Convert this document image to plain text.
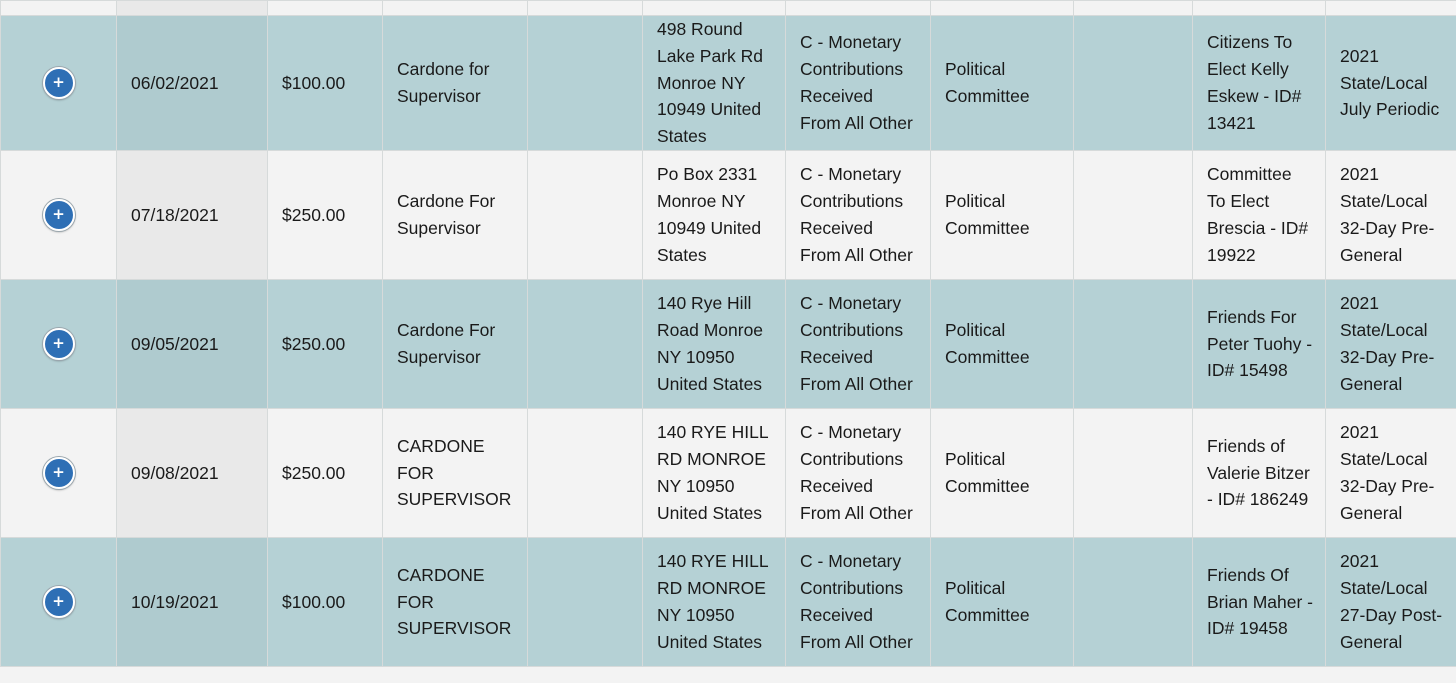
+	06/02/2021	$100.00	Cardone for Supervisor		498 Round Lake Park Rd Monroe NY 10949 United States	C - Monetary Contributions Received From All Other	Political Committee		Citizens To Elect Kelly Eskew - ID# 13421	2021 State/Local July Periodic
+	07/18/2021	$250.00	Cardone For Supervisor		Po Box 2331 Monroe NY 10949 United States	C - Monetary Contributions Received From All Other	Political Committee		Committee To Elect Brescia - ID# 19922	2021 State/Local 32-Day Pre-General
+	09/05/2021	$250.00	Cardone For Supervisor		140 Rye Hill Road Monroe NY 10950 United States	C - Monetary Contributions Received From All Other	Political Committee		Friends For Peter Tuohy - ID# 15498	2021 State/Local 32-Day Pre-General
+	09/08/2021	$250.00	CARDONE FOR SUPERVISOR		140 RYE HILL RD MONROE NY 10950 United States	C - Monetary Contributions Received From All Other	Political Committee		Friends of Valerie Bitzer - ID# 186249	2021 State/Local 32-Day Pre-General
+	10/19/2021	$100.00	CARDONE FOR SUPERVISOR		140 RYE HILL RD MONROE NY 10950 United States	C - Monetary Contributions Received From All Other	Political Committee		Friends Of Brian Maher - ID# 19458	2021 State/Local 27-Day Post-General
